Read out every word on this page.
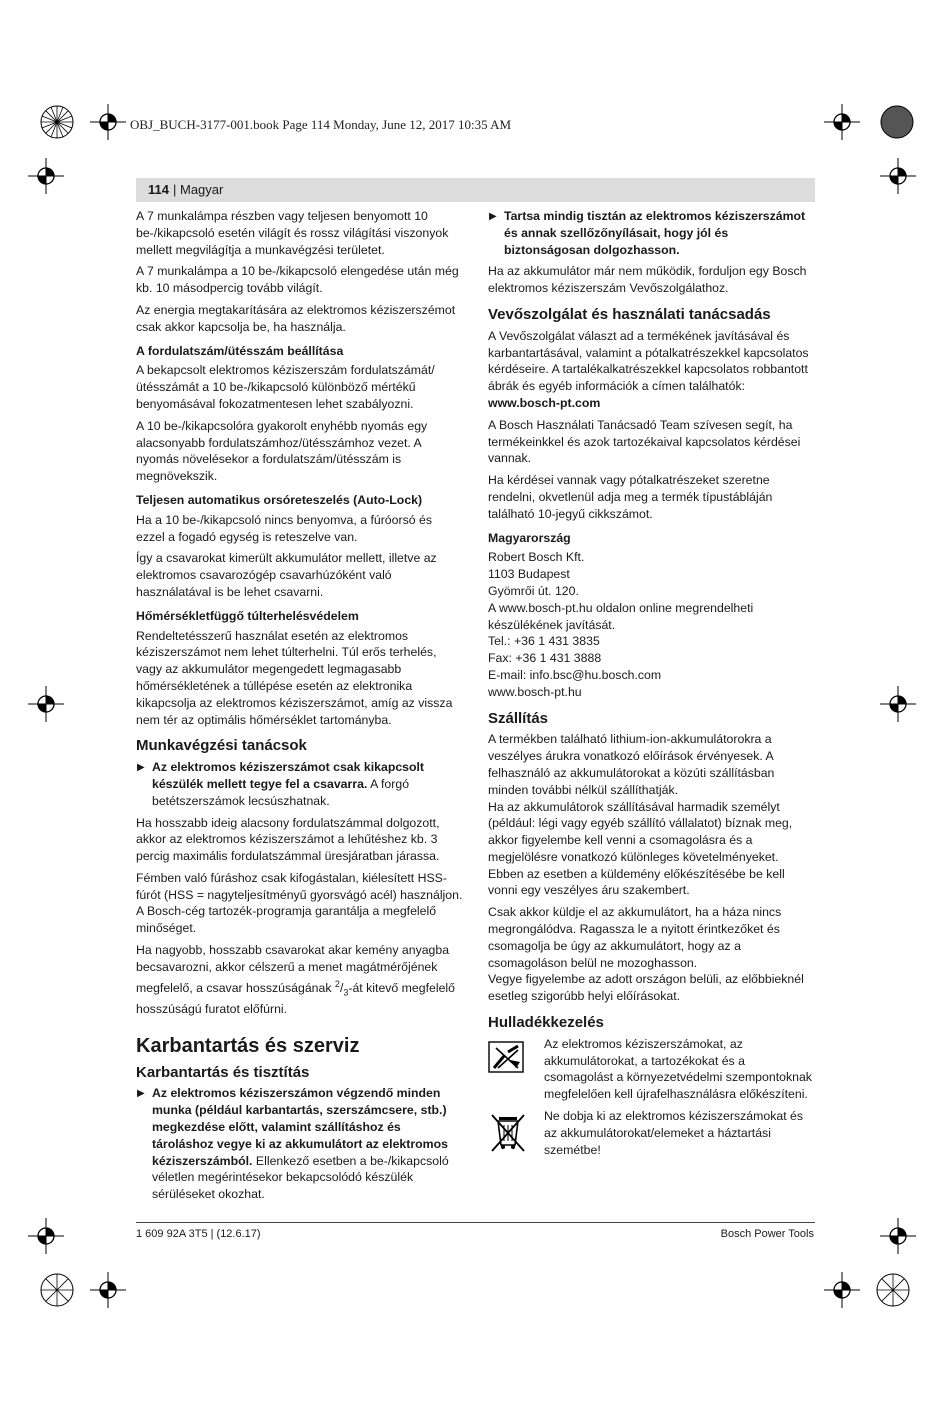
OBJ_BUCH-3177-001.book Page 114 Monday, June 12, 2017 10:35 AM
114 | Magyar

A 7 munkalámpa részben vagy teljesen benyomott 10 be-/kikapcsoló esetén világít és rossz világítási viszonyok mellett megvilágítja a munkavégzési területet.

A 7 munkalámpa a 10 be-/kikapcsoló elengedése után még kb. 10 másodpercig tovább világít.

Az energia megtakarítására az elektromos kéziszerszémot csak akkor kapcsolja be, ha használja.

A fordulatszám/ütésszám beállítása

A bekapcsolt elektromos kéziszerszám fordulatszámát/ütésszámát a 10 be-/kikapcsoló különböző mértékű benyomásával fokozatmentesen lehet szabályozni.

A 10 be-/kikapcsolóra gyakorolt enyhébb nyomás egy alacsonyabb fordulatszámhoz/ütésszámhoz vezet. A nyomás növelésekor a fordulatszám/ütésszám is megnövekszik.

Teljesen automatikus orsóreteszelés (Auto-Lock)

Ha a 10 be-/kikapcsoló nincs benyomva, a fúróorsó és ezzel a fogadó egység is reteszelve van.

Így a csavarokat kimerült akkumulátor mellett, illetve az elektromos csavarozógép csavarhúzóként való használatával is be lehet csavarni.

Hőmérsékletfüggő túlterhelésvédelem

Rendeltetésszerű használat esetén az elektromos kéziszerszámot nem lehet túlterhelni. Túl erős terhelés, vagy az akkumulátor megengedett legmagasabb hőmérsékletének a túllépése esetén az elektronika kikapcsolja az elektromos kéziszerszámot, amíg az vissza nem tér az optimális hőmérséklet tartományba.

Munkavégzési tanácsok
▶ Az elektromos kéziszerszámot csak kikapcsolt készülék mellett tegye fel a csavarra. A forgó betétszerszámok lecsúszhatnak.

Ha hosszabb ideig alacsony fordulatszámmal dolgozott, akkor az elektromos kéziszerszámot a lehűtéshez kb. 3 percig maximális fordulatszámmal üresjáratban járassa.

Fémben való fúráshoz csak kifogástalan, kiélesített HSS-fúrót (HSS = nagyteljesítményű gyorsvágó acél) használjon. A Bosch-cég tartozék-programja garantálja a megfelelő minőséget.

Ha nagyobb, hosszabb csavarokat akar kemény anyagba becsavarozni, akkor célszerű a menet magátmérőjének megfelelő, a csavar hosszúságának $^2/_3-át$ kitevő megfelelő hosszúságú furatot előfúrni.

Karbantartás és szerviz
Karbantartás és tisztítás
▶ Az elektromos kéziszerszámon végzendő minden munka (például karbantartás, szerszámcsere, stb.) megkezdése előtt, valamint szállításhoz és tároláshoz vegye ki az akkumulátort az elektromos kéziszerszámból. Ellenkező esetben a be-/kikapcsoló véletlen megérintésekor bekapcsolódó készülék sérüléseket okozhat.
▶ Tartsa mindig tisztán az elektromos kéziszerszámot és annak szellőzőnyílásait, hogy jól és biztonságosan dolgozhasson.

Ha az akkumulátor már nem működik, forduljon egy Bosch elektromos kéziszerszám Vevőszolgálathoz.

Vevőszolgálat és használati tanácsadás

A Vevőszolgálat választ ad a termékének javításával és karbantartásával, valamint a pótalkatrészekkel kapcsolatos kérdéseire. A tartalékalkatrészekkel kapcsolatos robbantott ábrák és egyéb információk a címen találhatók:

www.bosch-pt.com

A Bosch Használati Tanácsadó Team szívesen segít, ha termékeinkkel és azok tartozékaival kapcsolatos kérdései vannak.

Ha kérdései vannak vagy pótalkatrészeket szeretne rendelni, okvetlenül adja meg a termék típustábláján található 10-jegyű cikkszámot.

Magyarország

Robert Bosch Kft.
1103 Budapest
Gyömrői út. 120.
A www.bosch-pt.hu oldalon online megrendelheti készülékének javítását.
Tel.: +36 1 431 3835
Fax: +36 1 431 3888
E-mail: info.bsc@hu.bosch.com
www.bosch-pt.hu

Szállítás

A termékben található lithium-ion-akkumulátorokra a veszélyes árukra vonatkozó előírások érvényesek. A felhasználó az akkumulátorokat a közúti szállításban minden további nélkül szállíthatják.

Ha az akkumulátorok szállításával harmadik személyt (például: légi vagy egyéb szállító vállalatot) bíznak meg, akkor figyelembe kell venni a csomagolásra és a megjelölésre vonatkozó különleges követelményeket. Ebben az esetben a küldemény előkészítésébe be kell vonni egy veszélyes áru szakembert.

Csak akkor küldje el az akkumulátort, ha a háza nincs megrongálódva. Ragassza le a nyitott érintkezőket és csomagolja be úgy az akkumulátort, hogy az a csomagoláson belül ne mozoghasson.

Vegye figyelembe az adott országon belüli, az előbbieknél esetleg szigorúbb helyi előírásokat.

Hulladékkezelés
Az elektromos kéziszerszámokat, az akkumulátorokat, a tartozékokat és a csomagolást a környezetvédelmi szempontoknak megfelelően kell újrafelhasználásra előkészíteni.
Ne dobja ki az elektromos kéziszerszámokat és az akkumulátorokat/elemeket a háztartási szemétbe!
1 609 92A 3T5 | (12.6.17)	Bosch Power Tools
